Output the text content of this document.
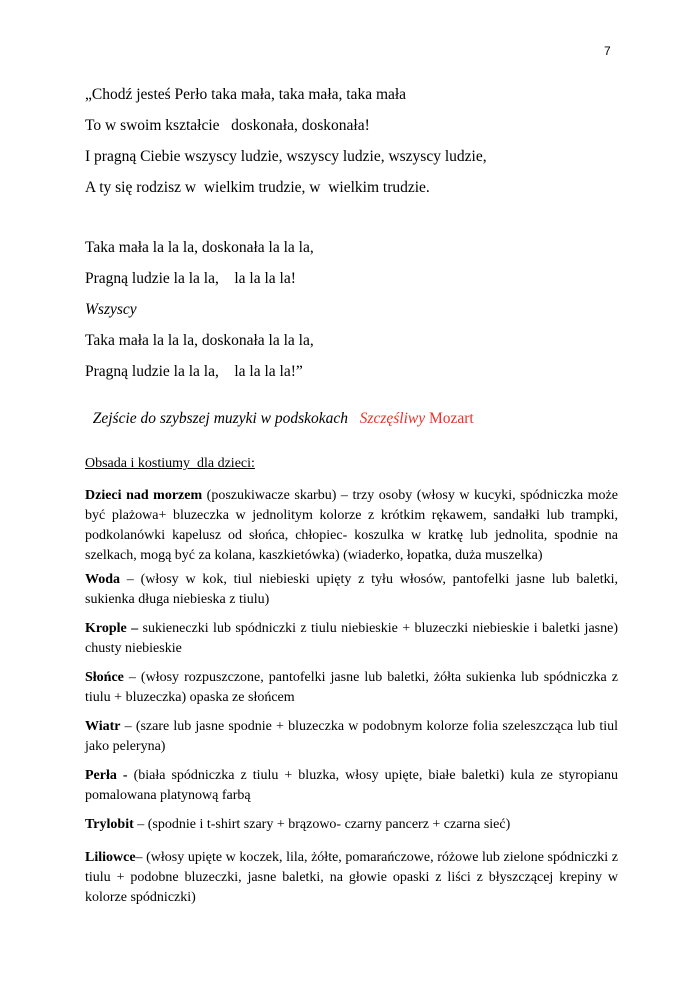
7
„Chodź jesteś Perło taka mała, taka mała, taka mała
To w swoim kształcie   doskonała, doskonała!
I pragną Ciebie wszyscy ludzie, wszyscy ludzie, wszyscy ludzie,
A ty się rodzisz w  wielkim trudzie, w  wielkim trudzie.
Taka mała la la la, doskonała la la la,
Pragną ludzie la la la,    la la la la!
Wszyscy
Taka mała la la la, doskonała la la la,
Pragną ludzie la la la,    la la la la!”

Zejście do szybszej muzyki w podskokach Szczęśliwy Mozart

Obsada i kostiumy  dla dzieci:
Dzieci nad morzem (poszukiwacze skarbu) – trzy osoby (włosy w kucyki, spódniczka może być plażowa+ bluzeczka w jednolitym kolorze z krótkim rękawem, sandałki lub trampki, podkolanówki kapelusz od słońca, chłopiec- koszulka w kratkę lub jednolita, spodnie na szelkach, mogą być za kolana, kaszkietówka) (wiaderko, łopatka, duża muszelka)
Woda – (włosy w kok, tiul niebieski upięty z tyłu włosów, pantofelki jasne lub baletki, sukienka długa niebieska z tiulu)
Krople – sukieneczki lub spódniczki z tiulu niebieskie + bluzeczki niebieskie i baletki jasne) chusty niebieskie
Słońce – (włosy rozpuszczone, pantofelki jasne lub baletki, żółta sukienka lub spódniczka z tiulu + bluzeczka) opaska ze słońcem
Wiatr – (szare lub jasne spodnie + bluzeczka w podobnym kolorze folia szeleszcząca lub tiul jako peleryna)
Perła - (biała spódniczka z tiulu + bluzka, włosy upięte, białe baletki) kula ze styropianu pomalowana platynową farbą
Trylobit – (spodnie i t-shirt szary + brązowo- czarny pancerz + czarna sieć)
Liliowce– (włosy upięte w koczek, lila, żółte, pomarańczowe, różowe lub zielone spódniczki z tiulu + podobne bluzeczki, jasne baletki, na głowie opaski z liści z błyszczącej krepiny w kolorze spódniczki)
